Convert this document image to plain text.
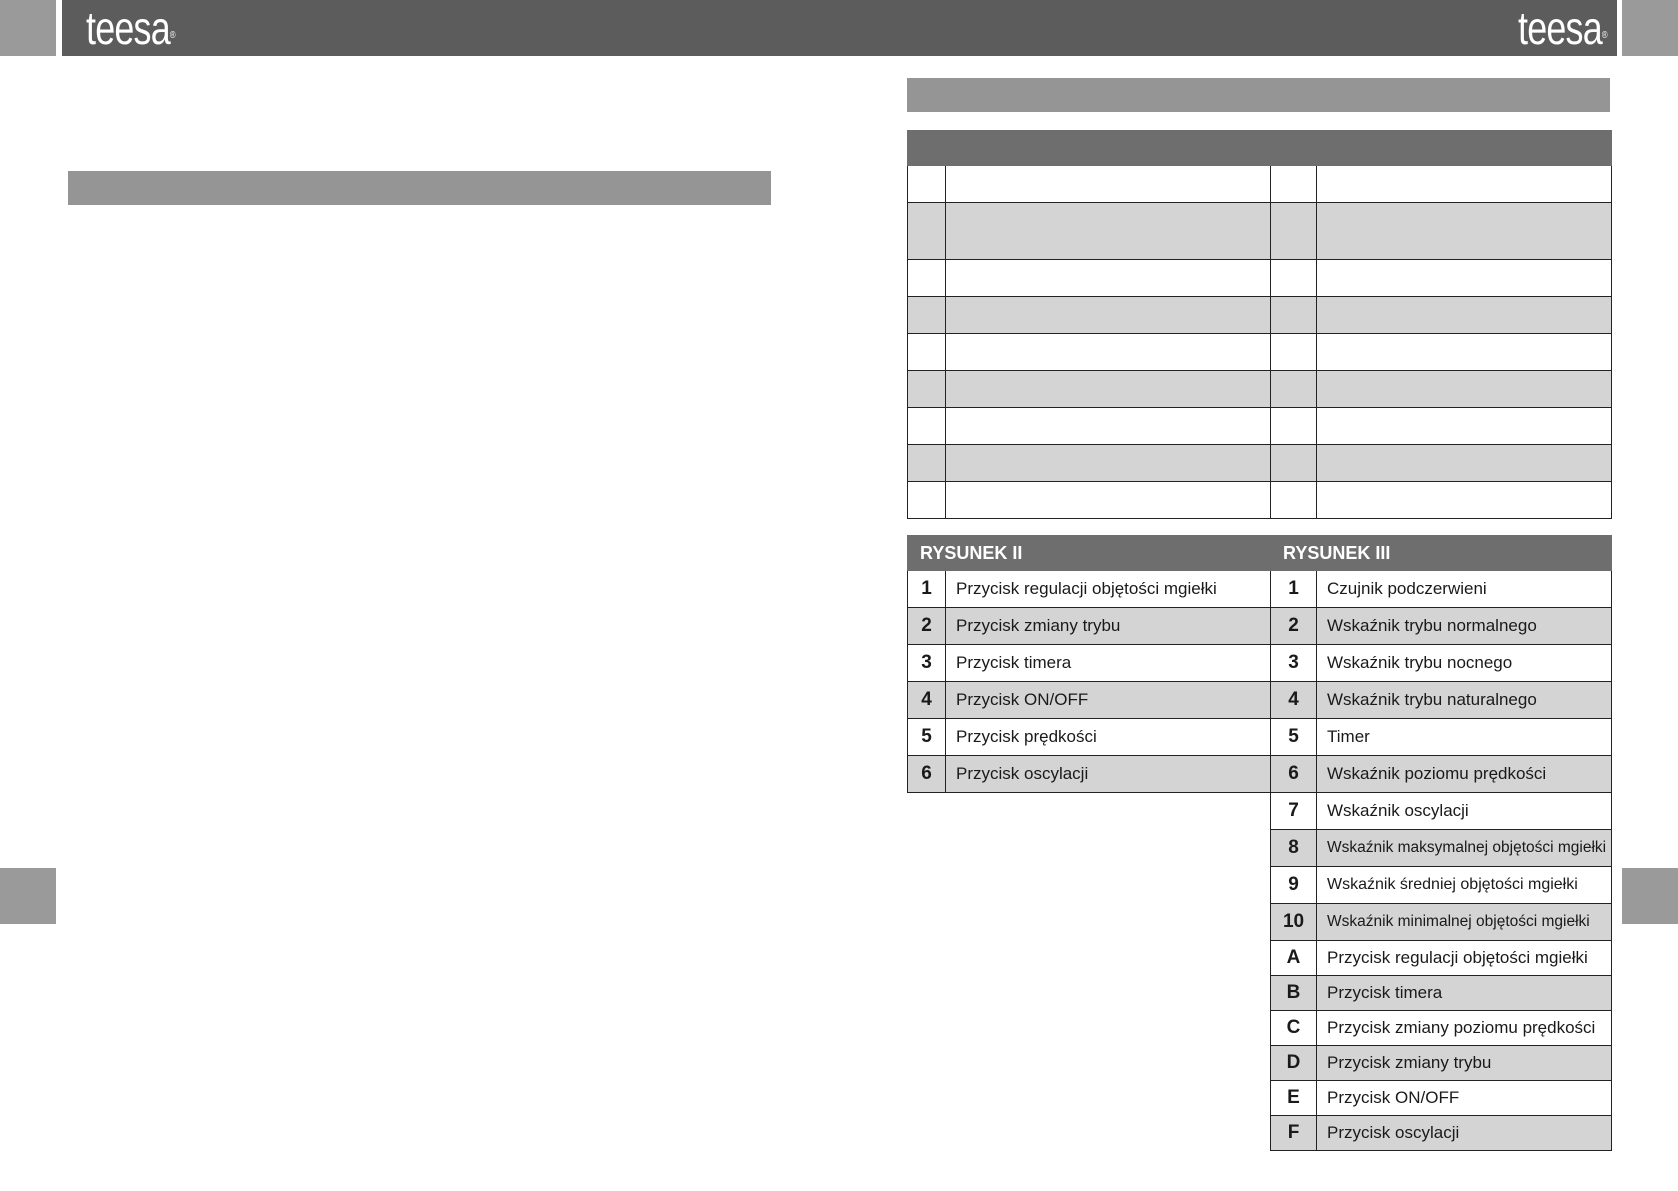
teesa®	teesa®

RYSUNEK II		RYSUNEK III	
1	Przycisk regulacji objętości mgiełki	1	Czujnik podczerwieni
2	Przycisk zmiany trybu	2	Wskaźnik trybu normalnego
3	Przycisk timera	3	Wskaźnik trybu nocnego
4	Przycisk ON/OFF	4	Wskaźnik trybu naturalnego
5	Przycisk prędkości	5	Timer
6	Przycisk oscylacji	6	Wskaźnik poziomu prędkości
		7	Wskaźnik oscylacji
		8	Wskaźnik maksymalnej objętości mgiełki
		9	Wskaźnik średniej objętości mgiełki
		10	Wskaźnik minimalnej objętości mgiełki
		A	Przycisk regulacji objętości mgiełki
		B	Przycisk timera
		C	Przycisk zmiany poziomu prędkości
		D	Przycisk zmiany trybu
		E	Przycisk ON/OFF
		F	Przycisk oscylacji
